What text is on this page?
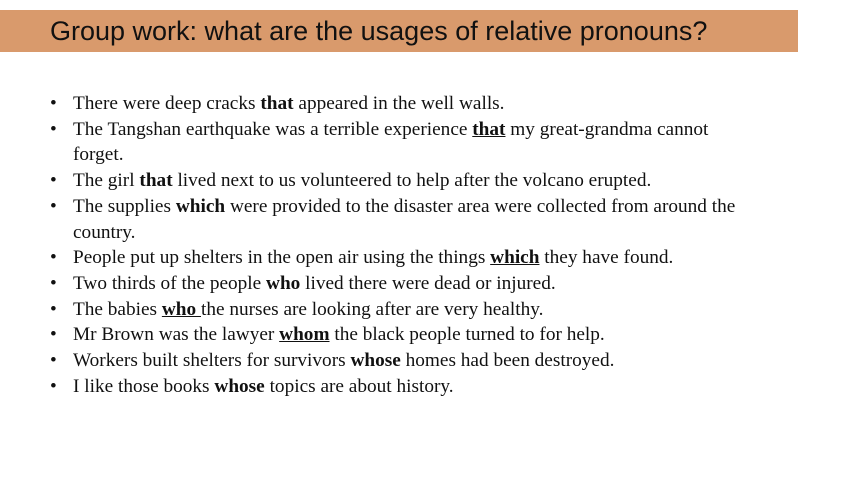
Group work: what are the usages of relative pronouns?
• There were deep cracks that appeared in the well walls.
• The Tangshan earthquake was a terrible experience that my great-grandma cannot forget.
• The girl that lived next to us volunteered to help after the volcano erupted.
• The supplies which were provided to the disaster area were collected from around the country.
• People put up shelters in the open air using the things which they have found.
• Two thirds of the people who lived there were dead or injured.
• The babies who the nurses are looking after are very healthy.
• Mr Brown was the lawyer whom the black people turned to for help.
• Workers built shelters for survivors whose homes had been destroyed.
• I like those books whose topics are about history.
